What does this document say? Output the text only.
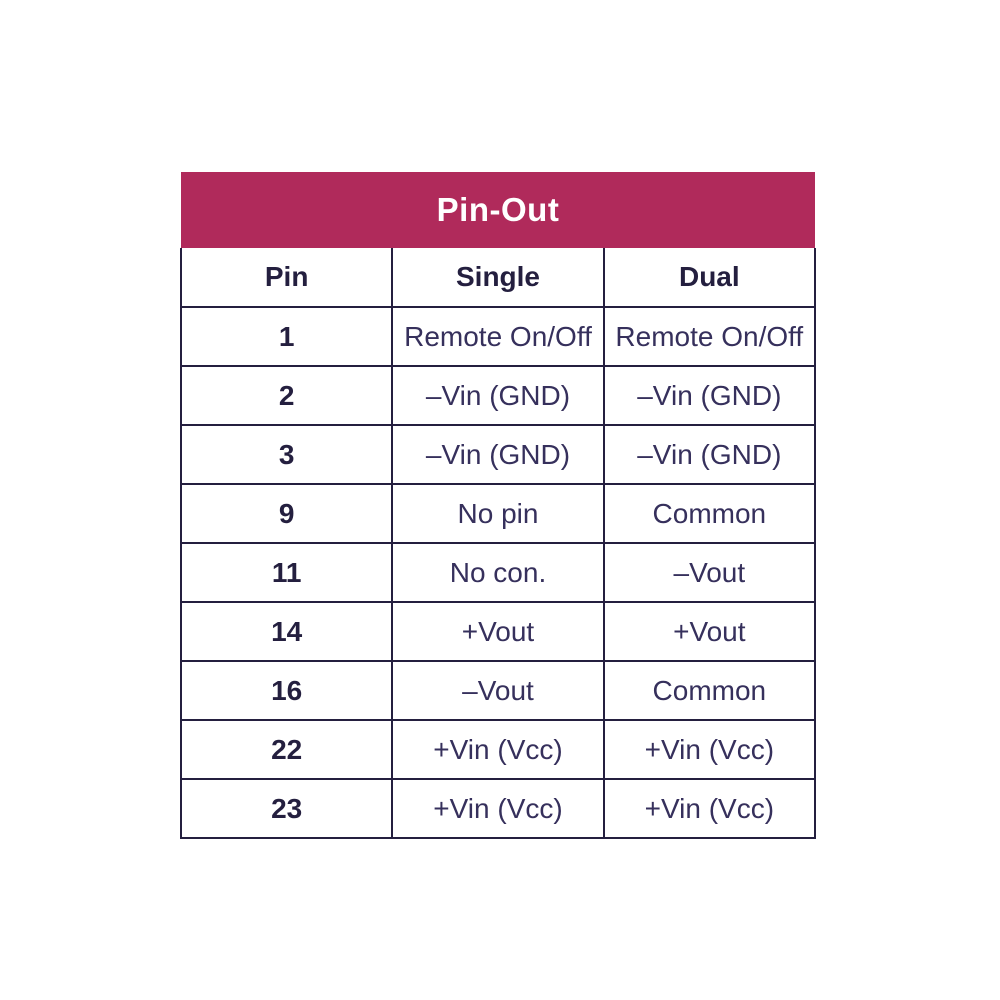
Pin-Out		
Pin	Single	Dual
1	Remote On/Off	Remote On/Off
2	–Vin (GND)	–Vin (GND)
3	–Vin (GND)	–Vin (GND)
9	No pin	Common
11	No con.	–Vout
14	+Vout	+Vout
16	–Vout	Common
22	+Vin (Vcc)	+Vin (Vcc)
23	+Vin (Vcc)	+Vin (Vcc)
